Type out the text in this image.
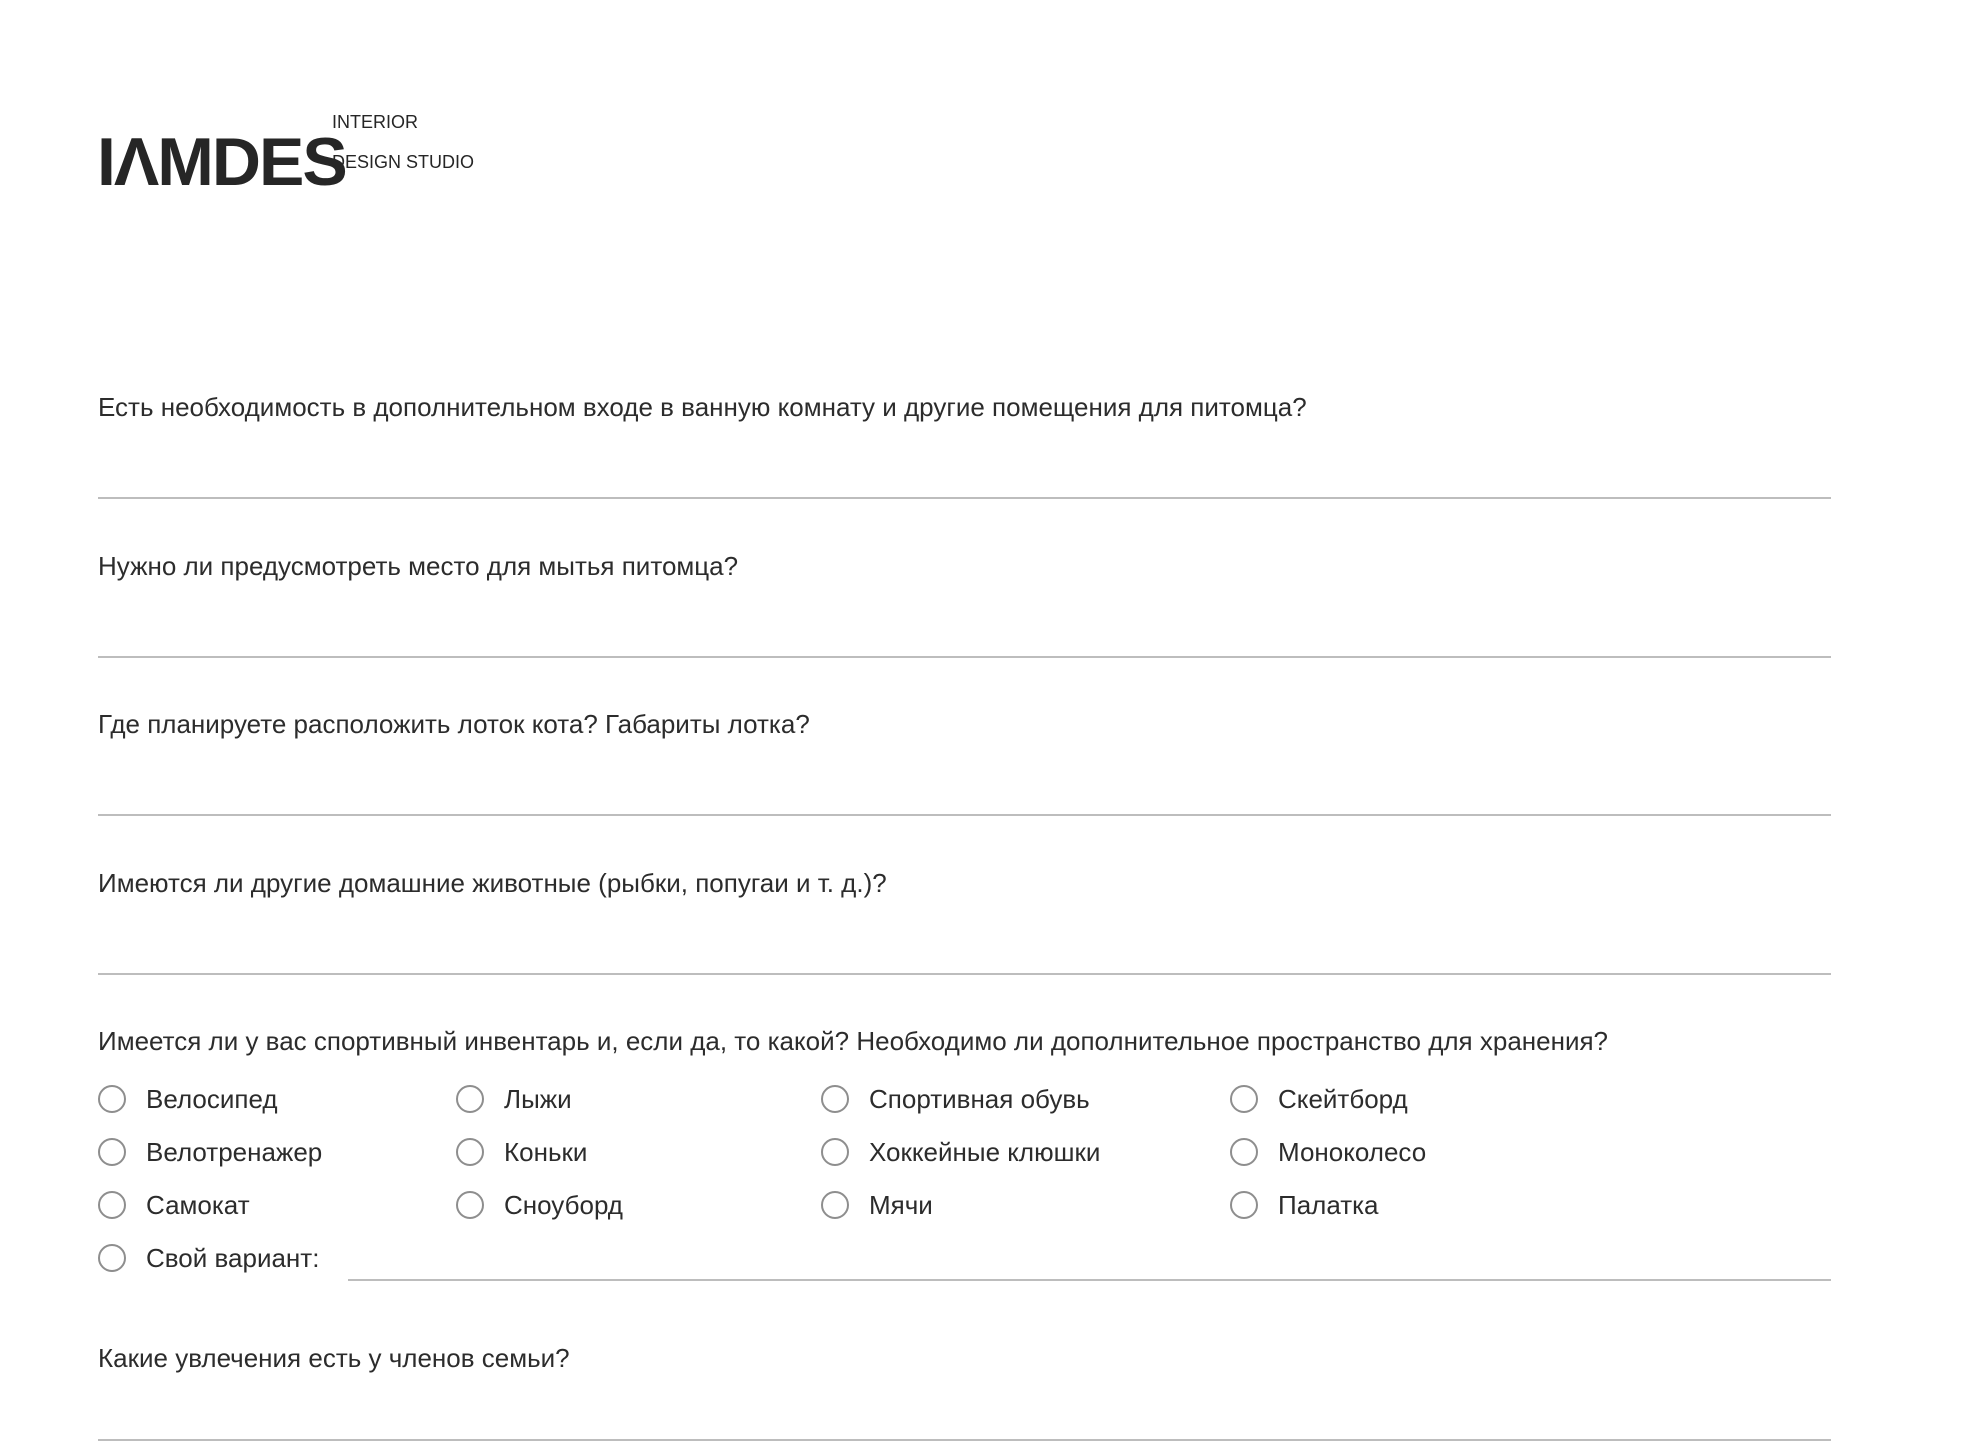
IΛMDES

INTERIOR

DESIGN STUDIO

Есть необходимость в дополнительном входе в ванную комнату и другие помещения для питомца?
Нужно ли предусмотреть место для мытья питомца?
Где планируете расположить лоток кота? Габариты лотка?
Имеются ли другие домашние животные (рыбки, попугаи и т. д.)?
Имеется ли у вас спортивный инвентарь и, если да, то какой? Необходимо ли дополнительное пространство для хранения?
Велосипед
Велотренажер
Самокат
Лыжи
Коньки
Сноуборд
Спортивная обувь
Хоккейные клюшки
Мячи
Скейтборд
Моноколесо
Палатка
Свой вариант:
Какие увлечения есть у членов семьи?
